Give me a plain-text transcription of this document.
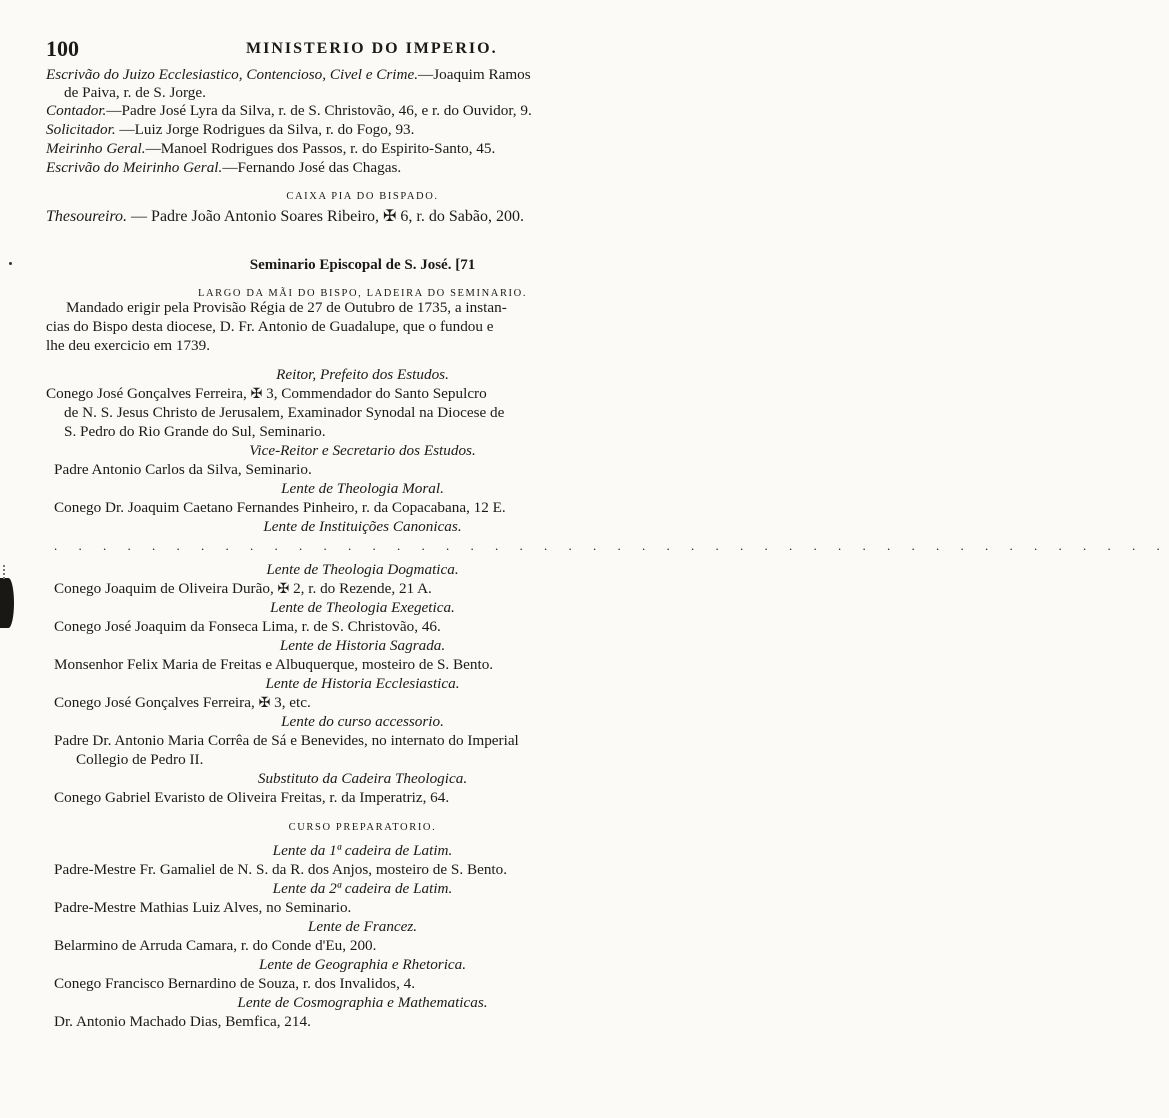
100	MINISTERIO DO IMPERIO.
Escrivão do Juizo Ecclesiastico, Contencioso, Civel e Crime.—Joaquim Ramos
de Paiva, r. de S. Jorge.
Contador.—Padre José Lyra da Silva, r. de S. Christovão, 46, e r. do Ouvidor, 9.
Solicitador. —Luiz Jorge Rodrigues da Silva, r. do Fogo, 93.
Meirinho Geral.—Manoel Rodrigues dos Passos, r. do Espirito-Santo, 45.
Escrivão do Meirinho Geral.—Fernando José das Chagas.
CAIXA PIA DO BISPADO.
Thesoureiro. — Padre João Antonio Soares Ribeiro, ✠ 6, r. do Sabão, 200.
Seminario Episcopal de S. José. [71
LARGO DA MÃI DO BISPO, LADEIRA DO SEMINARIO.
Mandado erigir pela Provisão Régia de 27 de Outubro de 1735, a instan-
cias do Bispo desta diocese, D. Fr. Antonio de Guadalupe, que o fundou e
lhe deu exercicio em 1739.
Reitor, Prefeito dos Estudos.
Conego José Gonçalves Ferreira, ✠ 3, Commendador do Santo Sepulcro
de N. S. Jesus Christo de Jerusalem, Examinador Synodal na Diocese de
S. Pedro do Rio Grande do Sul, Seminario.
Vice-Reitor e Secretario dos Estudos.
Padre Antonio Carlos da Silva, Seminario.
Lente de Theologia Moral.
Conego Dr. Joaquim Caetano Fernandes Pinheiro, r. da Copacabana, 12 E.
Lente de Instituições Canonicas.
. . . . . . . . . . . . . . . . . . . . . . . . . . . . . . . . . . . . . . . . . . . . . .
Lente de Theologia Dogmatica.
Conego Joaquim de Oliveira Durão, ✠ 2, r. do Rezende, 21 A.
Lente de Theologia Exegetica.
Conego José Joaquim da Fonseca Lima, r. de S. Christovão, 46.
Lente de Historia Sagrada.
Monsenhor Felix Maria de Freitas e Albuquerque, mosteiro de S. Bento.
Lente de Historia Ecclesiastica.
Conego José Gonçalves Ferreira, ✠ 3, etc.
Lente do curso accessorio.
Padre Dr. Antonio Maria Corrêa de Sá e Benevides, no internato do Imperial
Collegio de Pedro II.
Substituto da Cadeira Theologica.
Conego Gabriel Evaristo de Oliveira Freitas, r. da Imperatriz, 64.
CURSO PREPARATORIO.
Lente da 1ª cadeira de Latim.
Padre-Mestre Fr. Gamaliel de N. S. da R. dos Anjos, mosteiro de S. Bento.
Lente da 2ª cadeira de Latim.
Padre-Mestre Mathias Luiz Alves, no Seminario.
Lente de Francez.
Belarmino de Arruda Camara, r. do Conde d'Eu, 200.
Lente de Geographia e Rhetorica.
Conego Francisco Bernardino de Souza, r. dos Invalidos, 4.
Lente de Cosmographia e Mathematicas.
Dr. Antonio Machado Dias, Bemfica, 214.
